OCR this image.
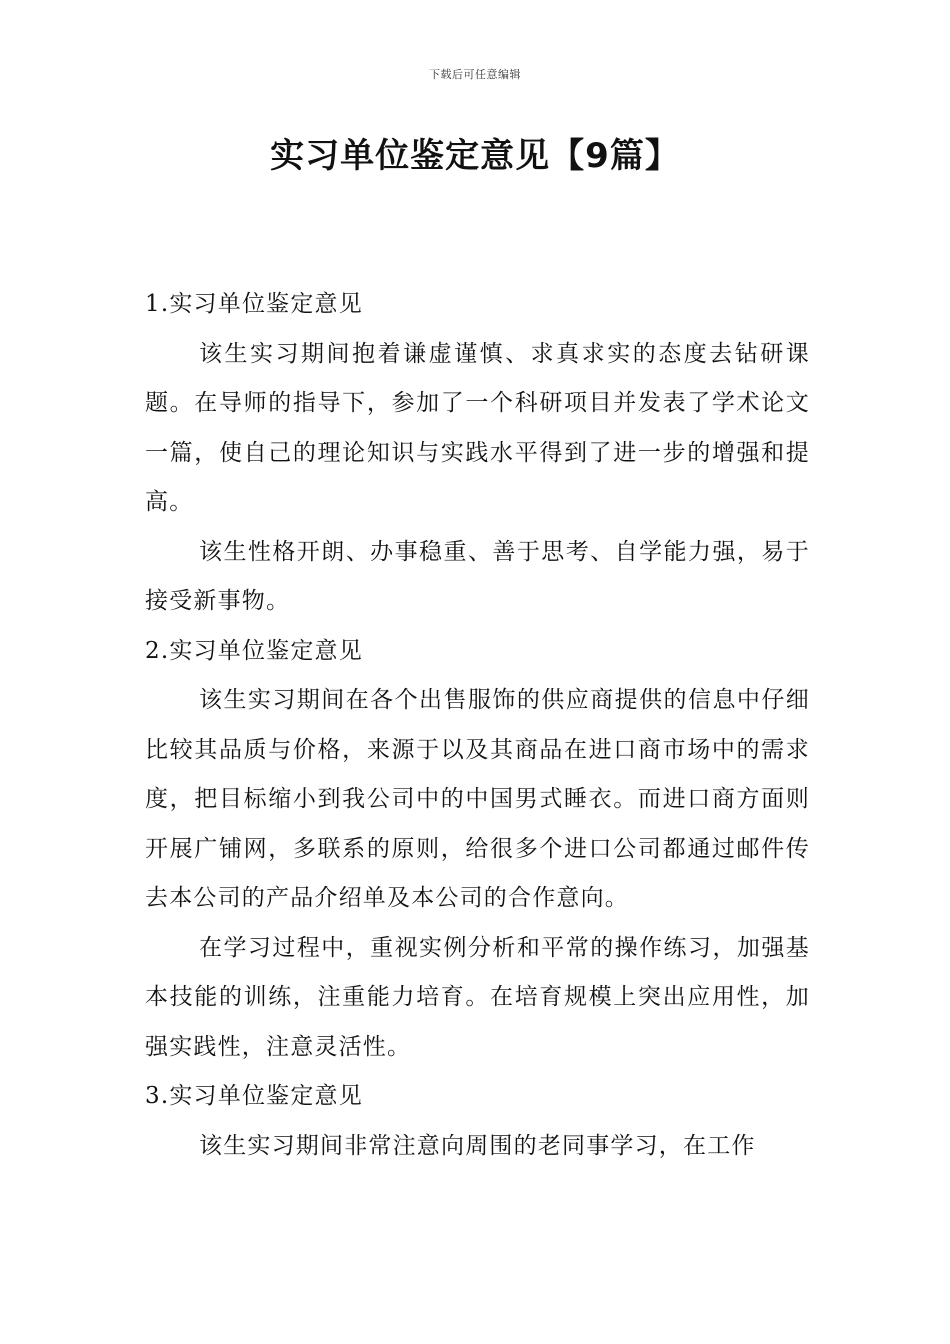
下载后可任意编辑
实习单位鉴定意见【9篇】

1.实习单位鉴定意见

该生实习期间抱着谦虚谨慎、求真求实的态度去钻研课题。在导师的指导下，参加了一个科研项目并发表了学术论文一篇，使自己的理论知识与实践水平得到了进一步的增强和提高。

该生性格开朗、办事稳重、善于思考、自学能力强，易于接受新事物。

2.实习单位鉴定意见

该生实习期间在各个出售服饰的供应商提供的信息中仔细比较其品质与价格，来源于以及其商品在进口商市场中的需求度，把目标缩小到我公司中的中国男式睡衣。而进口商方面则开展广铺网，多联系的原则，给很多个进口公司都通过邮件传去本公司的产品介绍单及本公司的合作意向。

在学习过程中，重视实例分析和平常的操作练习，加强基本技能的训练，注重能力培育。在培育规模上突出应用性，加强实践性，注意灵活性。

3.实习单位鉴定意见

该生实习期间非常注意向周围的老同事学习，在工作
